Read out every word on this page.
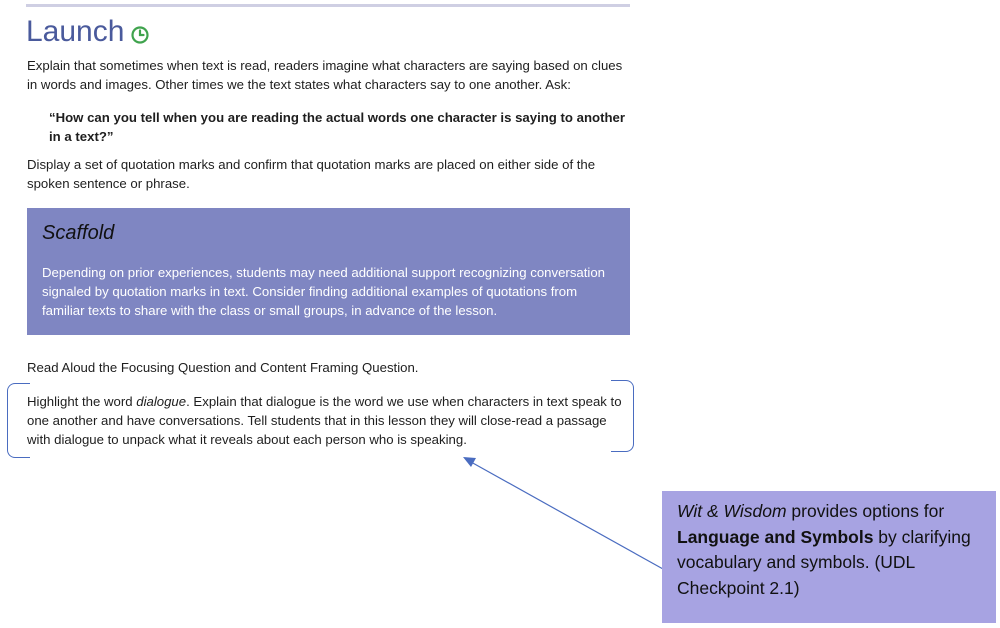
Launch

Explain that sometimes when text is read, readers imagine what characters are saying based on clues in words and images. Other times we the text states what characters say to one another. Ask:

“How can you tell when you are reading the actual words one character is saying to another in a text?”

Display a set of quotation marks and confirm that quotation marks are placed on either side of the spoken sentence or phrase.

Scaffold

Depending on prior experiences, students may need additional support recognizing conversation signaled by quotation marks in text. Consider finding additional examples of quotations from familiar texts to share with the class or small groups, in advance of the lesson.

Read Aloud the Focusing Question and Content Framing Question.

Highlight the word dialogue. Explain that dialogue is the word we use when characters in text speak to one another and have conversations. Tell students that in this lesson they will close-read a passage with dialogue to unpack what it reveals about each person who is speaking.

Wit & Wisdom provides options for Language and Symbols by clarifying vocabulary and symbols. (UDL Checkpoint 2.1)
